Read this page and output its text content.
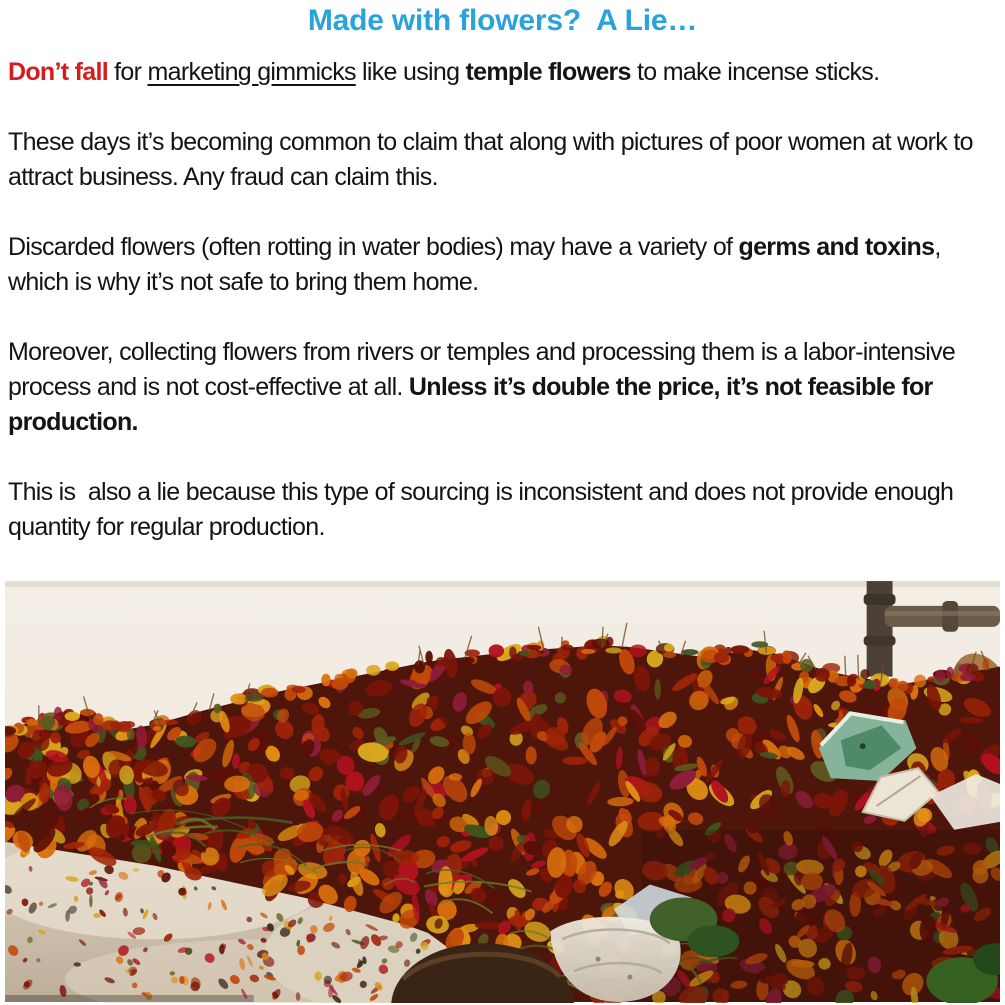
Made with flowers?  A Lie…

Don’t fall for marketing gimmicks like using temple flowers to make incense sticks.

These days it’s becoming common to claim that along with pictures of poor women at work to attract business. Any fraud can claim this.

Discarded flowers (often rotting in water bodies) may have a variety of germs and toxins, which is why it’s not safe to bring them home.

Moreover, collecting flowers from rivers or temples and processing them is a labor-intensive process and is not cost-effective at all. Unless it’s double the price, it’s not feasible for production.

This is  also a lie because this type of sourcing is inconsistent and does not provide enough quantity for regular production.
